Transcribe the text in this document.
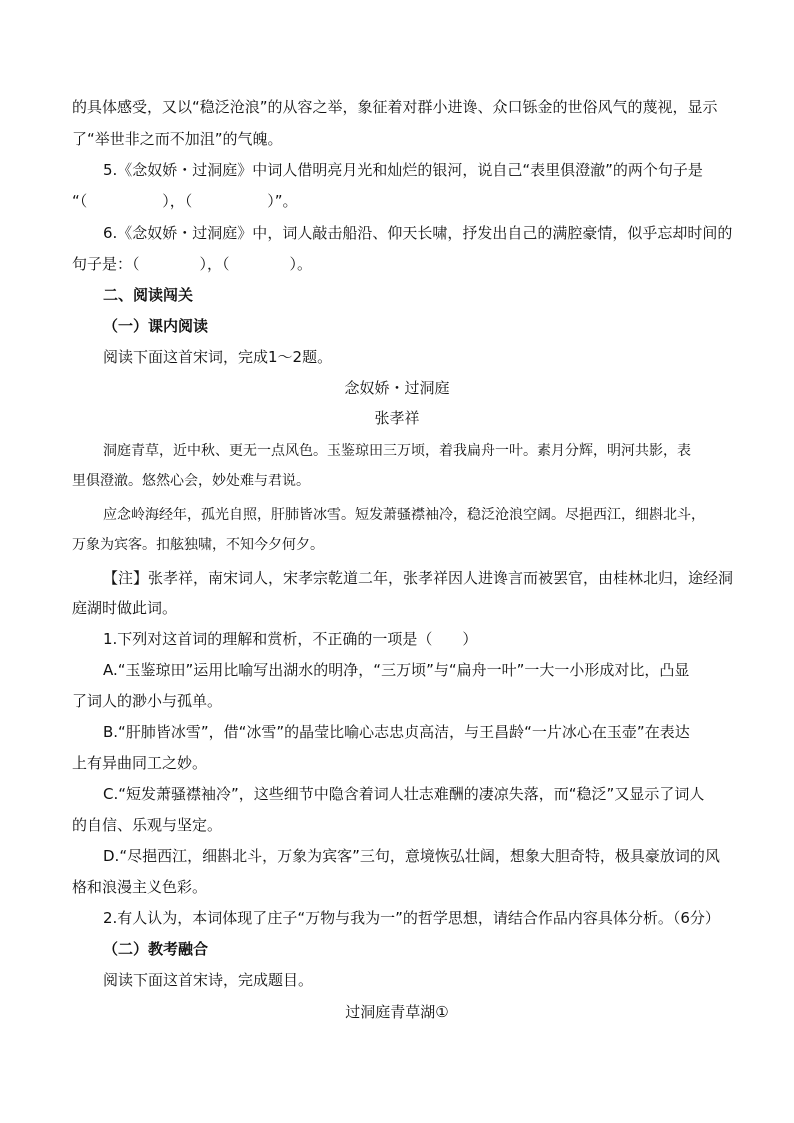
的具体感受，又以“稳泛沧浪”的从容之举，象征着对群小进谗、众口铄金的世俗风气的蔑视，显示
了“举世非之而不加沮”的气魄。
5.《念奴娇・过洞庭》中词人借明亮月光和灿烂的银河，说自己“表里俱澄澈”的两个句子是
“（　　　　　），（　　　　　）”。
6.《念奴娇・过洞庭》中，词人敲击船沿、仰天长啸，抒发出自己的满腔豪情，似乎忘却时间的
句子是：（　　　　），（　　　　）。
二、阅读闯关
（一）课内阅读
阅读下面这首宋词，完成1～2题。
念奴娇・过洞庭
张孝祥
洞庭青草，近中秋、更无一点风色。玉鉴琼田三万顷，着我扁舟一叶。素月分辉，明河共影，表
里俱澄澈。悠然心会，妙处难与君说。
应念岭海经年，孤光自照，肝肺皆冰雪。短发萧骚襟袖冷，稳泛沧浪空阔。尽挹西江，细斟北斗，
万象为宾客。扣舷独啸，不知今夕何夕。
【注】张孝祥，南宋词人，宋孝宗乾道二年，张孝祥因人进谗言而被罢官，由桂林北归，途经洞
庭湖时做此词。
1.下列对这首词的理解和赏析，不正确的一项是（　　）
A.“玉鉴琼田”运用比喻写出湖水的明净，“三万顷”与“扁舟一叶”一大一小形成对比，凸显
了词人的渺小与孤单。
B.“肝肺皆冰雪”，借“冰雪”的晶莹比喻心志忠贞高洁，与王昌龄“一片冰心在玉壶”在表达
上有异曲同工之妙。
C.“短发萧骚襟袖冷”，这些细节中隐含着词人壮志难酬的凄凉失落，而“稳泛”又显示了词人
的自信、乐观与坚定。
D.“尽挹西江，细斟北斗，万象为宾客”三句，意境恢弘壮阔，想象大胆奇特，极具豪放词的风
格和浪漫主义色彩。
2.有人认为，本词体现了庄子“万物与我为一”的哲学思想，请结合作品内容具体分析。（6分）
（二）教考融合
阅读下面这首宋诗，完成题目。
过洞庭青草湖①
